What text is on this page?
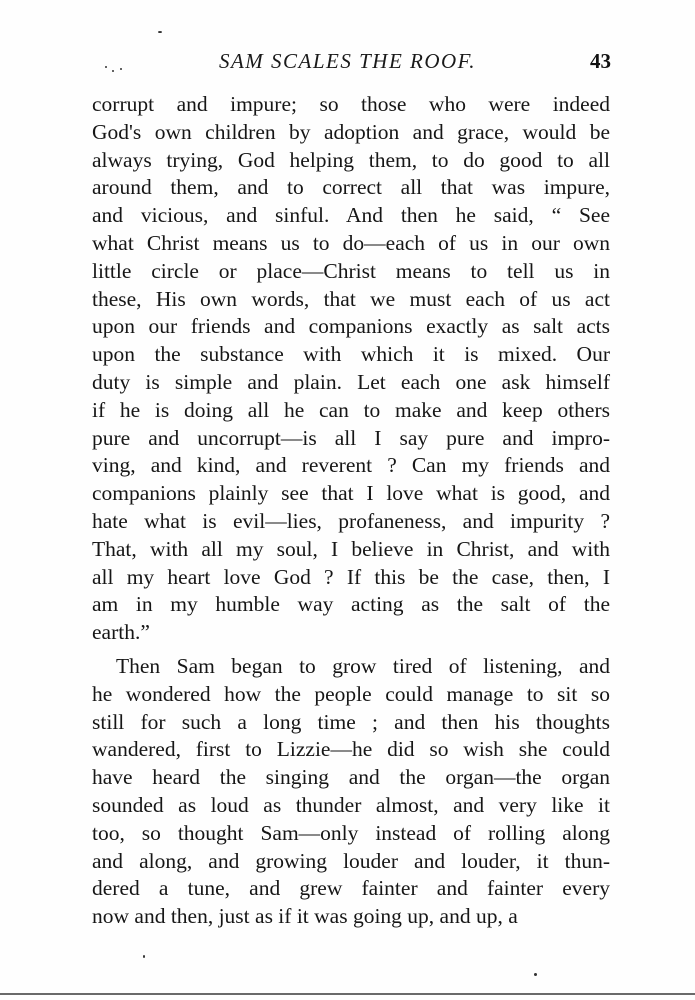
SAM SCALES THE ROOF.	43
corrupt and impure; so those who were indeed
God's own children by adoption and grace, would be
always trying, God helping them, to do good to all
around them, and to correct all that was impure,
and vicious, and sinful. And then he said, “ See
what Christ means us to do—each of us in our own
little circle or place—Christ means to tell us in
these, His own words, that we must each of us act
upon our friends and companions exactly as salt acts
upon the substance with which it is mixed. Our
duty is simple and plain. Let each one ask himself
if he is doing all he can to make and keep others
pure and uncorrupt—is all I say pure and impro-
ving, and kind, and reverent ? Can my friends and
companions plainly see that I love what is good, and
hate what is evil—lies, profaneness, and impurity ?
That, with all my soul, I believe in Christ, and with
all my heart love God ? If this be the case, then, I
am in my humble way acting as the salt of the
earth.”
Then Sam began to grow tired of listening, and
he wondered how the people could manage to sit so
still for such a long time ; and then his thoughts
wandered, first to Lizzie—he did so wish she could
have heard the singing and the organ—the organ
sounded as loud as thunder almost, and very like it
too, so thought Sam—only instead of rolling along
and along, and growing louder and louder, it thun-
dered a tune, and grew fainter and fainter every
now and then, just as if it was going up, and up, a
